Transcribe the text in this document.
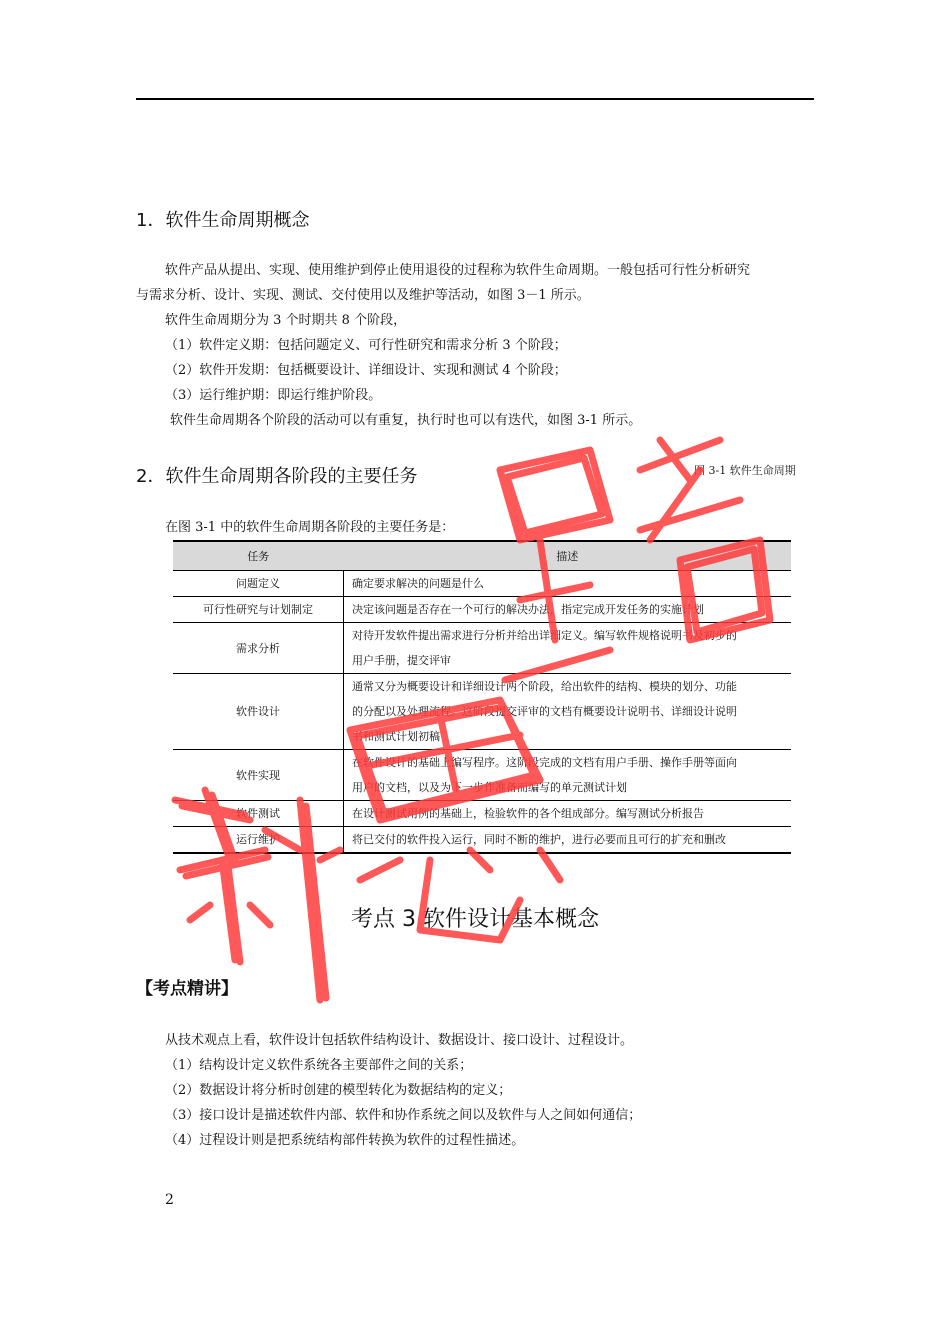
1．软件生命周期概念
软件产品从提出、实现、使用维护到停止使用退役的过程称为软件生命周期。一般包括可行性分析研究
与需求分析、设计、实现、测试、交付使用以及维护等活动，如图 3－1 所示。
软件生命周期分为 3 个时期共 8 个阶段，
（1）软件定义期：包括问题定义、可行性研究和需求分析 3 个阶段；
（2）软件开发期：包括概要设计、详细设计、实现和测试 4 个阶段；
（3）运行维护期：即运行维护阶段。
软件生命周期各个阶段的活动可以有重复，执行时也可以有迭代，如图 3-1 所示。
2．软件生命周期各阶段的主要任务	图 3-1 软件生命周期
在图 3-1 中的软件生命周期各阶段的主要任务是：
任务	描述
问题定义	确定要求解决的问题是什么

可行性研究与计划制定	决定该问题是否存在一个可行的解决办法，指定完成开发任务的实施计划

需求分析	对待开发软件提出需求进行分析并给出详细定义。编写软件规格说明书及初步的
用户手册，提交评审

软件设计	通常又分为概要设计和详细设计两个阶段，给出软件的结构、模块的划分、功能
的分配以及处理流程。这阶段提交评审的文档有概要设计说明书、详细设计说明
书和测试计划初稿

软件实现	在软件设计的基础上编写程序。这阶段完成的文档有用户手册、操作手册等面向
用户的文档，以及为下一步作准备而编写的单元测试计划

软件测试	在设计测试用例的基础上，检验软件的各个组成部分。编写测试分析报告

运行维护	将已交付的软件投入运行，同时不断的维护，进行必要而且可行的扩充和删改
考点 3 软件设计基本概念
【考点精讲】
从技术观点上看，软件设计包括软件结构设计、数据设计、接口设计、过程设计。
（1）结构设计定义软件系统各主要部件之间的关系；
（2）数据设计将分析时创建的模型转化为数据结构的定义；
（3）接口设计是描述软件内部、软件和协作系统之间以及软件与人之间如何通信；
（4）过程设计则是把系统结构部件转换为软件的过程性描述。
2
